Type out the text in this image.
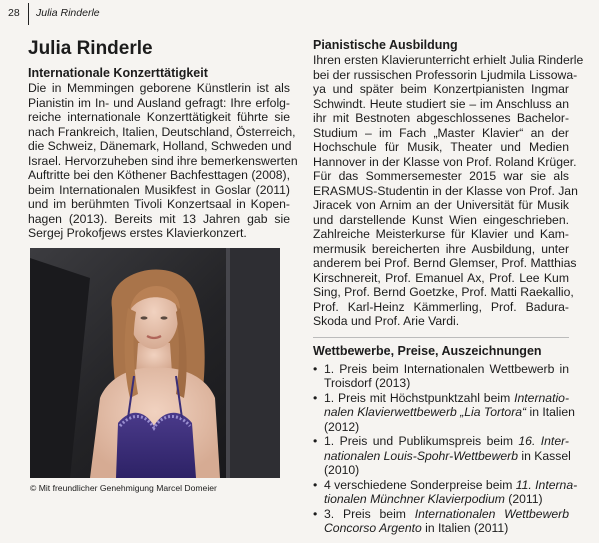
28 Julia Rinderle
Julia Rinderle
Internationale Konzerttätigkeit

Die in Memmingen geborene Künstlerin ist als
Pianistin im In- und Ausland gefragt: Ihre erfolg-
reiche internationale Konzerttätigkeit führte sie
nach Frankreich, Italien, Deutschland, Österreich,
die Schweiz, Dänemark, Holland, Schweden und
Israel. Hervorzuheben sind ihre bemerkenswerten
Auftritte bei den Köthener Bachfesttagen (2008),
beim Internationalen Musikfest in Goslar (2011)
und im berühmten Tivoli Konzertsaal in Kopen-
hagen (2013). Bereits mit 13 Jahren gab sie
Sergej Prokofjews erstes Klavierkonzert.

© Mit freundlicher Genehmigung Marcel Domeier
Pianistische Ausbildung

Ihren ersten Klavierunterricht erhielt Julia Rinderle
bei der russischen Professorin Ljudmila Lissowa-
ya und später beim Konzertpianisten Ingmar
Schwindt. Heute studiert sie – im Anschluss an
ihr mit Bestnoten abgeschlossenes Bachelor-
Studium – im Fach „Master Klavier“ an der
Hochschule für Musik, Theater und Medien
Hannover in der Klasse von Prof. Roland Krüger.
Für das Sommersemester 2015 war sie als
ERASMUS-Studentin in der Klasse von Prof. Jan
Jiracek von Arnim an der Universität für Musik
und darstellende Kunst Wien eingeschrieben.
Zahlreiche Meisterkurse für Klavier und Kam-
mermusik bereicherten ihre Ausbildung, unter
anderem bei Prof. Bernd Glemser, Prof. Matthias
Kirschnereit, Prof. Emanuel Ax, Prof. Lee Kum
Sing, Prof. Bernd Goetzke, Prof. Matti Raekallio,
Prof. Karl-Heinz Kämmerling, Prof. Badura-
Skoda und Prof. Arie Vardi.

Wettbewerbe, Preise, Auszeichnungen
• 1. Preis beim Internationalen Wettbewerb in
Troisdorf (2013)
• 1. Preis mit Höchstpunktzahl beim Internatio-
nalen Klavierwettbewerb „Lia Tortora“ in Italien
(2012)
• 1. Preis und Publikumspreis beim 16. Inter-
nationalen Louis-Spohr-Wettbewerb in Kassel
(2010)
• 4 verschiedene Sonderpreise beim 11. Interna-
tionalen Münchner Klavierpodium (2011)
• 3. Preis beim Internationalen Wettbewerb
Concorso Argento in Italien (2011)
